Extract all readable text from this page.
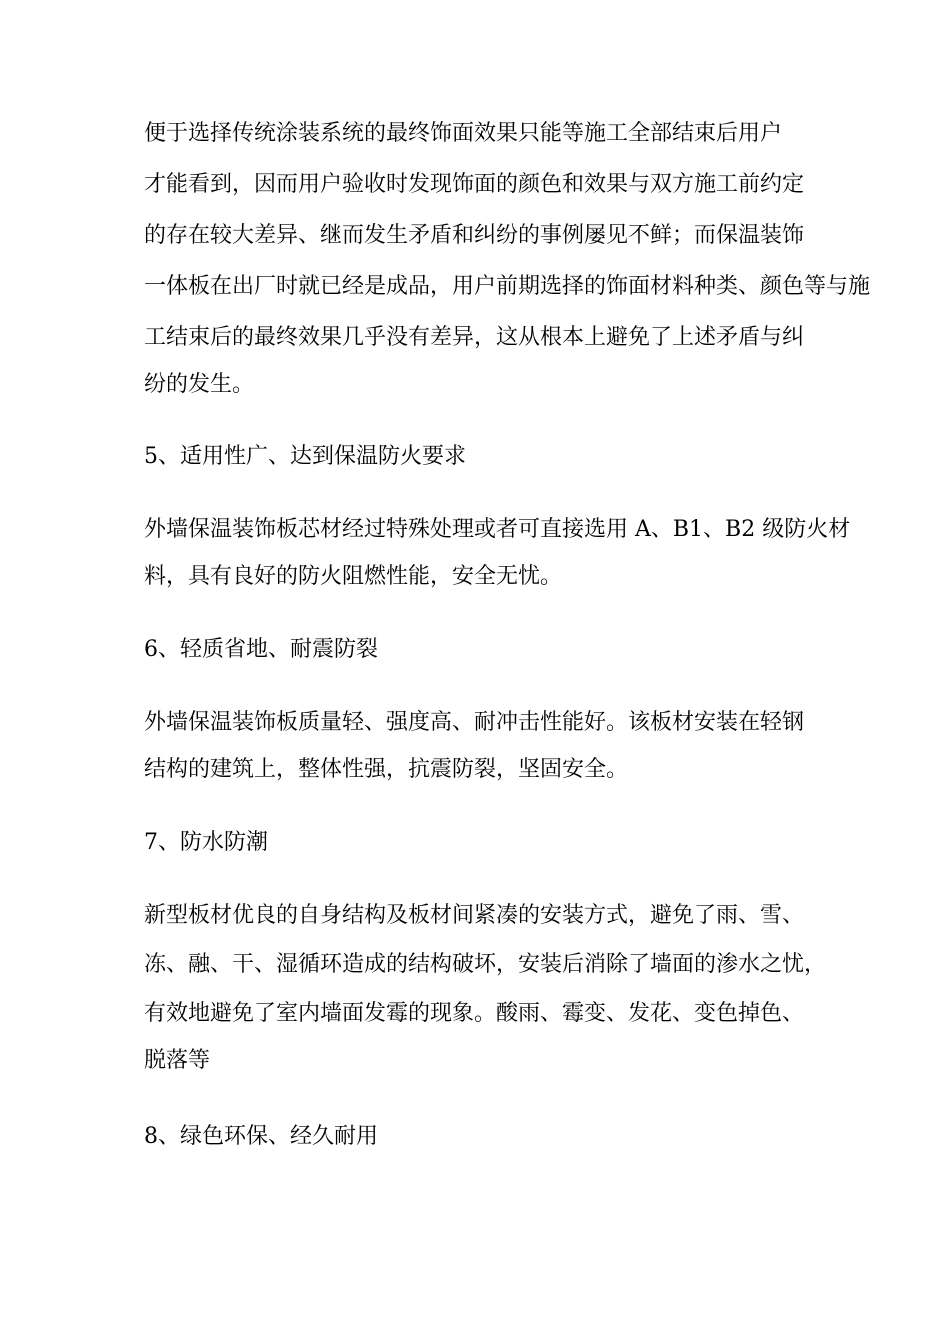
便于选择传统涂装系统的最终饰面效果只能等施工全部结束后用户
才能看到，因而用户验收时发现饰面的颜色和效果与双方施工前约定
的存在较大差异、继而发生矛盾和纠纷的事例屡见不鲜；而保温装饰
一体板在出厂时就已经是成品，用户前期选择的饰面材料种类、颜色等与施
工结束后的最终效果几乎没有差异，这从根本上避免了上述矛盾与纠
纷的发生。
5、适用性广、达到保温防火要求
外墙保温装饰板芯材经过特殊处理或者可直接选用 A、B1、B2 级防火材
料，具有良好的防火阻燃性能，安全无忧。
6、轻质省地、耐震防裂
外墙保温装饰板质量轻、强度高、耐冲击性能好。该板材安装在轻钢
结构的建筑上，整体性强，抗震防裂，坚固安全。
7、防水防潮
新型板材优良的自身结构及板材间紧凑的安装方式，避免了雨、雪、
冻、融、干、湿循环造成的结构破坏，安装后消除了墙面的渗水之忧，
有效地避免了室内墙面发霉的现象。酸雨、霉变、发花、变色掉色、
脱落等
8、绿色环保、经久耐用
